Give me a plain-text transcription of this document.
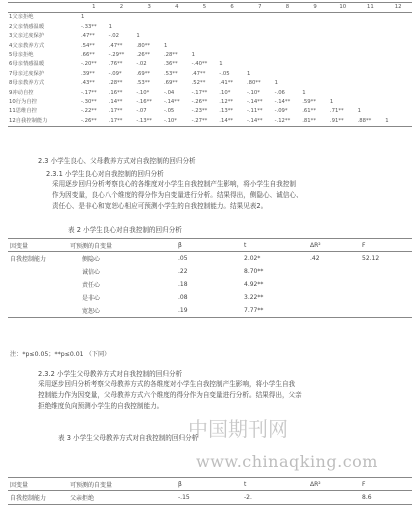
	1	2	3	4	5	6	7	8	9	10	11	12
1父亲拒绝	1											
2父亲情感温暖	-.33**	1										
3父亲过度保护	.47**	-.02	1									
4父亲教养方式	.54**	.47**	.80**	1								
5母亲拒绝	.66**	-.29**	.26**	.28**	1							
6母亲情感温暖	-.20**	.76**	-.02	.36**	-.40**	1						
7母亲过度保护	.39**	-.09*	.69**	.53**	.47**	-.05	1					
8母亲教养方式	.43**	.28**	.53**	.69**	.52**	.41**	.80**	1				
9冲动自控	-.17**	.16**	-.10*	-.04	-.17**	.10*	-.10*	-.06	1			
10行为自控	-.30**	.14**	-.16**	-.14**	-.26**	.12**	-.14**	-.14**	.59**	1		
11思维自控	-.22**	.17**	-.07	-.05	-.23**	.13**	-.11**	-.09*	.61**	.71**	1	
12自我控制能力	-.26**	.17**	-.13**	-.10*	-.27**	.14**	-.14**	-.12**	.81**	.91**	.88**	1
2.3 小学生良心、父母教养方式对自我控制的回归分析
2.3.1 小学生良心对自我控制的回归分析
采用逐步回归分析考察良心的各维度对小学生自我控制产生影响，将小学生自我控制
作为因变量，良心八个维度的得分作为自变量进行分析。结果得出，侧隐心、诚信心、
责任心、是非心和宽恕心相应可预测小学生的自我控制能力。结果见表2。
表 2 小学生良心对自我控制的回归分析
因变量	可预测的自变量	β	t	ΔR²	F
自我控制能力	侧隐心	.05	2.02*	.42	52.12
	诚信心	.22	8.70**		
	责任心	.18	4.92**		
	是非心	.08	3.22**		
	宽恕心	.19	7.77**		
注：*p≤0.05；**p≤0.01 （下同）
2.3.2 小学生父母教养方式对自我控制的回归分析
采用逐步回归分析考察父母教养方式的各维度对小学生自我控制产生影响，将小学生自我
控制能力作为因变量，父母教养方式六个维度的得分作为自变量进行分析。结果得出，父亲
拒绝维度负向预测小学生的自我控制能力。
中国期刊网
表 3 小学生父母教养方式对自我控制的回归分析
因变量	可预测的自变量	β	t	ΔR²	F
自我控制能力	父亲拒绝	-.15	-2.		8.6
www.chinaqking.com
